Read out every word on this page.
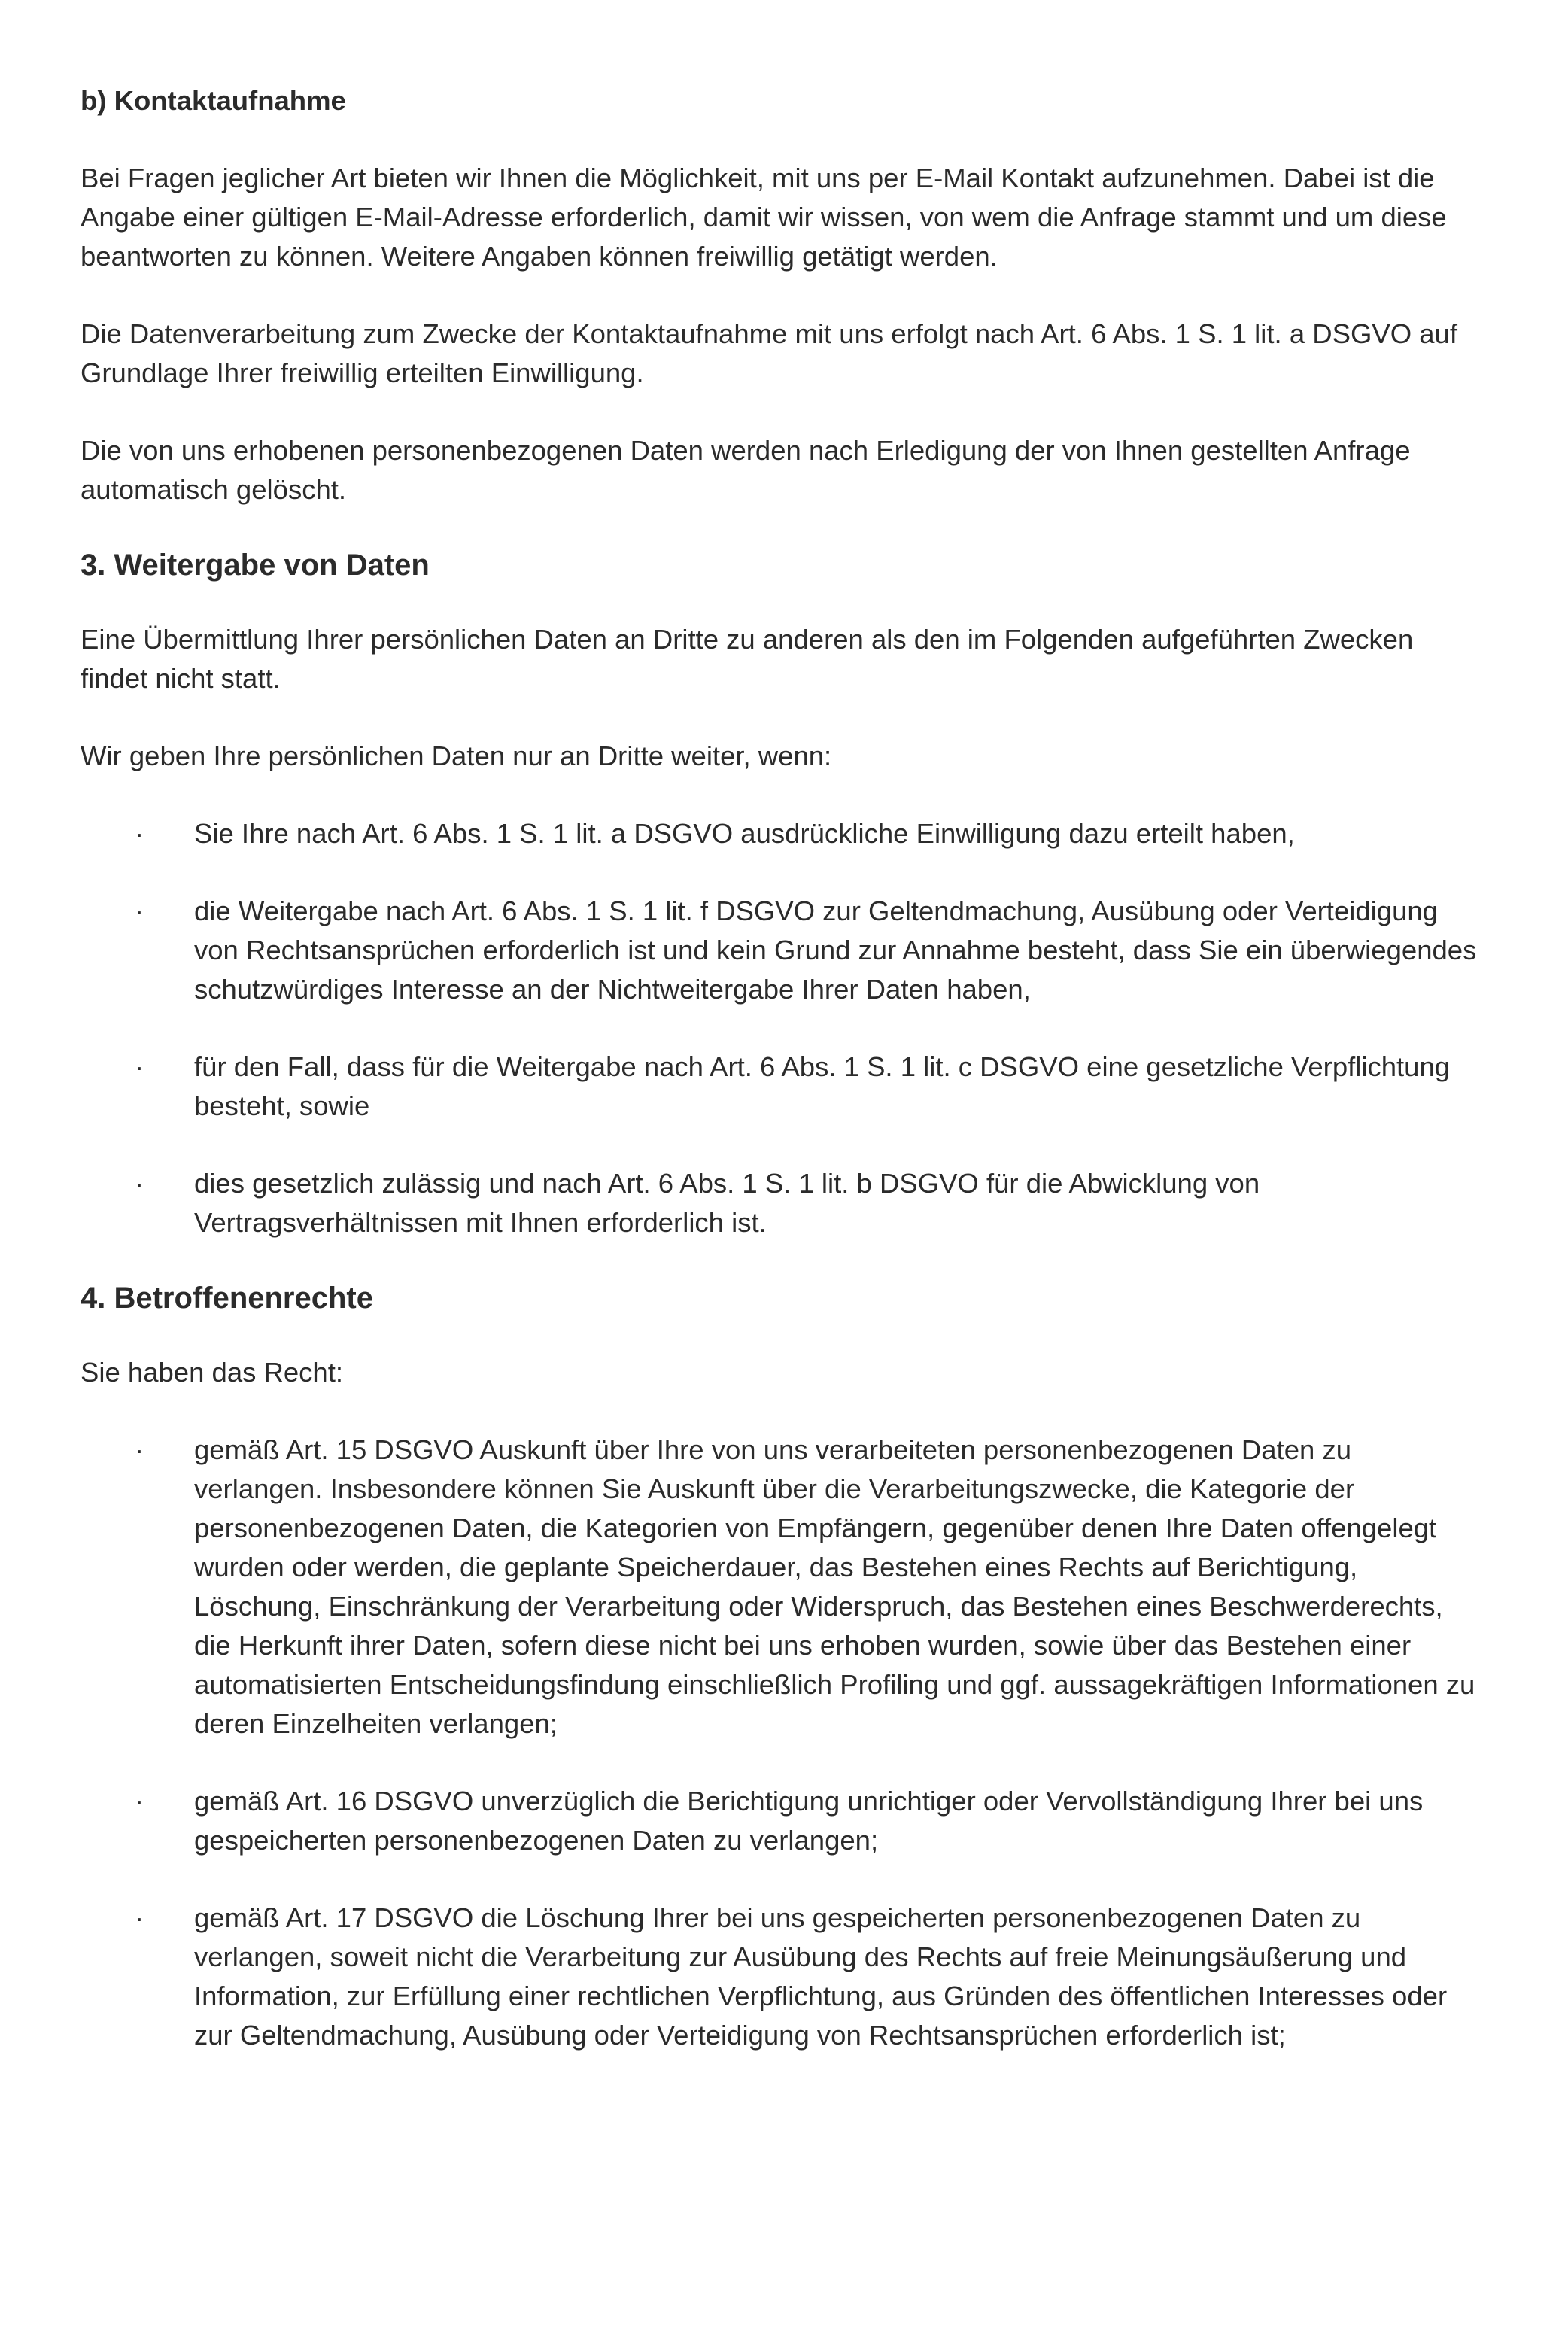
b) Kontaktaufnahme

Bei Fragen jeglicher Art bieten wir Ihnen die Möglichkeit, mit uns per E-Mail Kontakt aufzunehmen. Dabei ist die Angabe einer gültigen E-Mail-Adresse erforderlich, damit wir wissen, von wem die Anfrage stammt und um diese beantworten zu können. Weitere Angaben können freiwillig getätigt werden.

Die Datenverarbeitung zum Zwecke der Kontaktaufnahme mit uns erfolgt nach Art. 6 Abs. 1 S. 1 lit. a DSGVO auf Grundlage Ihrer freiwillig erteilten Einwilligung.

Die von uns erhobenen personenbezogenen Daten werden nach Erledigung der von Ihnen gestellten Anfrage automatisch gelöscht.

3. Weitergabe von Daten

Eine Übermittlung Ihrer persönlichen Daten an Dritte zu anderen als den im Folgenden aufgeführten Zwecken findet nicht statt.

Wir geben Ihre persönlichen Daten nur an Dritte weiter, wenn:

· Sie Ihre nach Art. 6 Abs. 1 S. 1 lit. a DSGVO ausdrückliche Einwilligung dazu erteilt haben,
· die Weitergabe nach Art. 6 Abs. 1 S. 1 lit. f DSGVO zur Geltendmachung, Ausübung oder Verteidigung von Rechtsansprüchen erforderlich ist und kein Grund zur Annahme besteht, dass Sie ein überwiegendes schutzwürdiges Interesse an der Nichtweitergabe Ihrer Daten haben,
· für den Fall, dass für die Weitergabe nach Art. 6 Abs. 1 S. 1 lit. c DSGVO eine gesetzliche Verpflichtung besteht, sowie
· dies gesetzlich zulässig und nach Art. 6 Abs. 1 S. 1 lit. b DSGVO für die Abwicklung von Vertragsverhältnissen mit Ihnen erforderlich ist.
4. Betroffenenrechte

Sie haben das Recht:

· gemäß Art. 15 DSGVO Auskunft über Ihre von uns verarbeiteten personenbezogenen Daten zu verlangen. Insbesondere können Sie Auskunft über die Verarbeitungszwecke, die Kategorie der personenbezogenen Daten, die Kategorien von Empfängern, gegenüber denen Ihre Daten offengelegt wurden oder werden, die geplante Speicherdauer, das Bestehen eines Rechts auf Berichtigung, Löschung, Einschränkung der Verarbeitung oder Widerspruch, das Bestehen eines Beschwerderechts, die Herkunft ihrer Daten, sofern diese nicht bei uns erhoben wurden, sowie über das Bestehen einer automatisierten Entscheidungsfindung einschließlich Profiling und ggf. aussagekräftigen Informationen zu deren Einzelheiten verlangen;
· gemäß Art. 16 DSGVO unverzüglich die Berichtigung unrichtiger oder Vervollständigung Ihrer bei uns gespeicherten personenbezogenen Daten zu verlangen;
· gemäß Art. 17 DSGVO die Löschung Ihrer bei uns gespeicherten personenbezogenen Daten zu verlangen, soweit nicht die Verarbeitung zur Ausübung des Rechts auf freie Meinungsäußerung und Information, zur Erfüllung einer rechtlichen Verpflichtung, aus Gründen des öffentlichen Interesses oder zur Geltendmachung, Ausübung oder Verteidigung von Rechtsansprüchen erforderlich ist;
